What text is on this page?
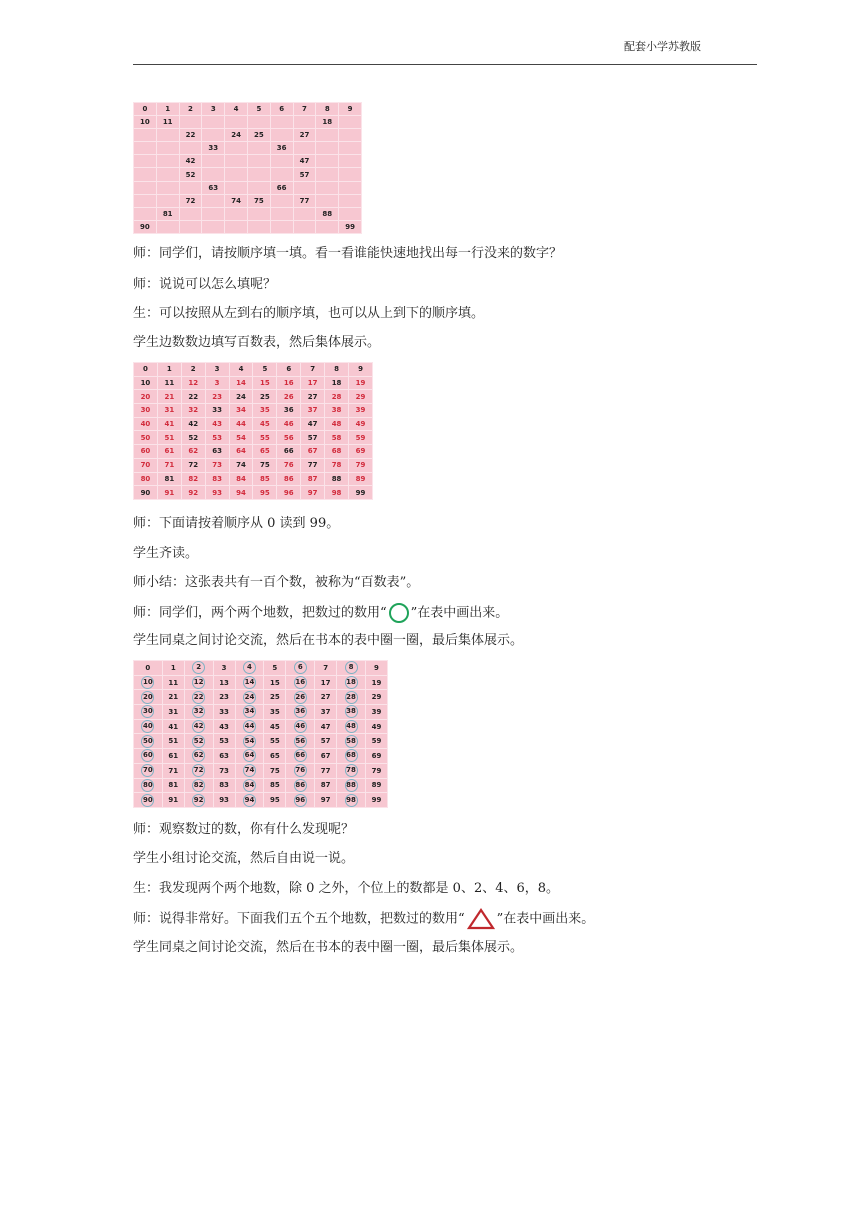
配套小学苏教版
0	1	2	3	4	5	6	7	8	9
10	11							18	
		22		24	25		27		
			33			36			
		42					47		
		52					57		
			63			66			
		72		74	75		77		
	81							88	
90									99
师：同学们，请按顺序填一填。看一看谁能快速地找出每一行没来的数字？
师：说说可以怎么填呢？
生：可以按照从左到右的顺序填，也可以从上到下的顺序填。
学生边数数边填写百数表，然后集体展示。
0	1	2	3	4	5	6	7	8	9
10	11	12	3	14	15	16	17	18	19
20	21	22	23	24	25	26	27	28	29
30	31	32	33	34	35	36	37	38	39
40	41	42	43	44	45	46	47	48	49
50	51	52	53	54	55	56	57	58	59
60	61	62	63	64	65	66	67	68	69
70	71	72	73	74	75	76	77	78	79
80	81	82	83	84	85	86	87	88	89
90	91	92	93	94	95	96	97	98	99
师：下面请按着顺序从 0 读到 99。
学生齐读。
师小结：这张表共有一百个数，被称为“百数表”。
师：同学们，两个两个地数，把数过的数用“ ”在表中画出来。
学生同桌之间讨论交流，然后在书本的表中圈一圈，最后集体展示。
0	1	2	3	4	5	6	7	8	9
10	11	12	13	14	15	16	17	18	19
20	21	22	23	24	25	26	27	28	29
30	31	32	33	34	35	36	37	38	39
40	41	42	43	44	45	46	47	48	49
50	51	52	53	54	55	56	57	58	59
60	61	62	63	64	65	66	67	68	69
70	71	72	73	74	75	76	77	78	79
80	81	82	83	84	85	86	87	88	89
90	91	92	93	94	95	96	97	98	99
师：观察数过的数，你有什么发现呢？
学生小组讨论交流，然后自由说一说。
生：我发现两个两个地数，除 0 之外，个位上的数都是 0、2、4、6，8。
师：说得非常好。下面我们五个五个地数，把数过的数用“ ”在表中画出来。
学生同桌之间讨论交流，然后在书本的表中圈一圈，最后集体展示。
